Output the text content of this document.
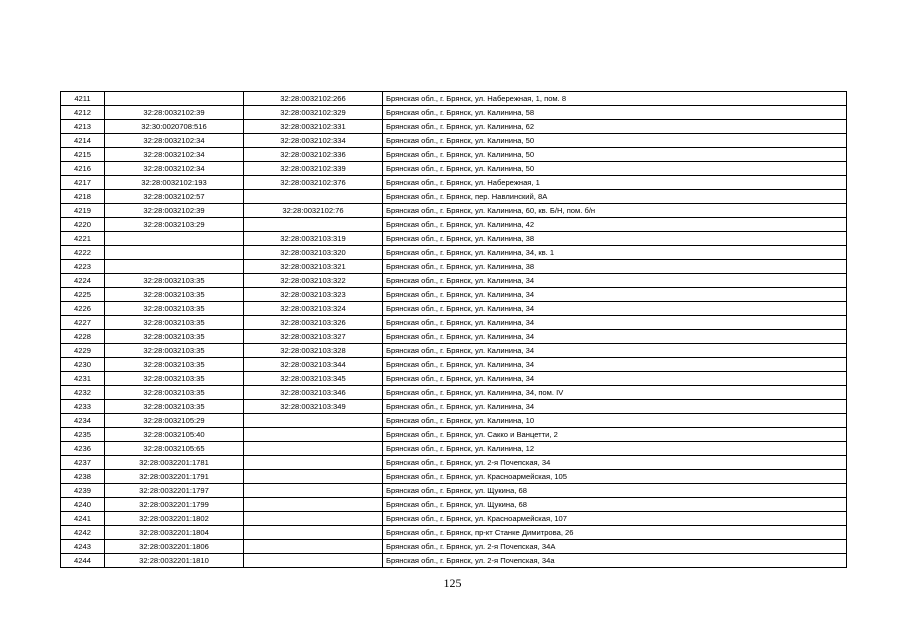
4211		32:28:0032102:266	Брянская обл., г. Брянск, ул. Набережная, 1, пом. 8
4212	32:28:0032102:39	32:28:0032102:329	Брянская обл., г. Брянск, ул. Калинина, 58
4213	32:30:0020708:516	32:28:0032102:331	Брянская обл., г. Брянск, ул. Калинина, 62
4214	32:28:0032102:34	32:28:0032102:334	Брянская обл., г. Брянск, ул. Калинина, 50
4215	32:28:0032102:34	32:28:0032102:336	Брянская обл., г. Брянск, ул. Калинина, 50
4216	32:28:0032102:34	32:28:0032102:339	Брянская обл., г. Брянск, ул. Калинина, 50
4217	32:28:0032102:193	32:28:0032102:376	Брянская обл., г. Брянск, ул. Набережная, 1
4218	32:28:0032102:57		Брянская обл., г. Брянск, пер. Навлинский, 8А
4219	32:28:0032102:39	32:28:0032102:76	Брянская обл., г. Брянск, ул. Калинина, 60, кв. Б/Н, пом. б/н
4220	32:28:0032103:29		Брянская обл., г. Брянск, ул. Калинина, 42
4221		32:28:0032103:319	Брянская обл., г. Брянск, ул. Калинина, 38
4222		32:28:0032103:320	Брянская обл., г. Брянск, ул. Калинина, 34, кв. 1
4223		32:28:0032103:321	Брянская обл., г. Брянск, ул. Калинина, 38
4224	32:28:0032103:35	32:28:0032103:322	Брянская обл., г. Брянск, ул. Калинина, 34
4225	32:28:0032103:35	32:28:0032103:323	Брянская обл., г. Брянск, ул. Калинина, 34
4226	32:28:0032103:35	32:28:0032103:324	Брянская обл., г. Брянск, ул. Калинина, 34
4227	32:28:0032103:35	32:28:0032103:326	Брянская обл., г. Брянск, ул. Калинина, 34
4228	32:28:0032103:35	32:28:0032103:327	Брянская обл., г. Брянск, ул. Калинина, 34
4229	32:28:0032103:35	32:28:0032103:328	Брянская обл., г. Брянск, ул. Калинина, 34
4230	32:28:0032103:35	32:28:0032103:344	Брянская обл., г. Брянск, ул. Калинина, 34
4231	32:28:0032103:35	32:28:0032103:345	Брянская обл., г. Брянск, ул. Калинина, 34
4232	32:28:0032103:35	32:28:0032103:346	Брянская обл., г. Брянск, ул. Калинина, 34, пом. IV
4233	32:28:0032103:35	32:28:0032103:349	Брянская обл., г. Брянск, ул. Калинина, 34
4234	32:28:0032105:29		Брянская обл., г. Брянск, ул. Калинина, 10
4235	32:28:0032105:40		Брянская обл., г. Брянск, ул. Сакко и Ванцетти, 2
4236	32:28:0032105:65		Брянская обл., г. Брянск, ул. Калинина, 12
4237	32:28:0032201:1781		Брянская обл., г. Брянск, ул. 2-я Почепская, 34
4238	32:28:0032201:1791		Брянская обл., г. Брянск, ул. Красноармейская, 105
4239	32:28:0032201:1797		Брянская обл., г. Брянск, ул. Щукина, 68
4240	32:28:0032201:1799		Брянская обл., г. Брянск, ул. Щукина, 68
4241	32:28:0032201:1802		Брянская обл., г. Брянск, ул. Красноармейская, 107
4242	32:28:0032201:1804		Брянская обл., г. Брянск, пр-кт Станке Димитрова, 26
4243	32:28:0032201:1806		Брянская обл., г. Брянск, ул. 2-я Почепская, 34А
4244	32:28:0032201:1810		Брянская обл., г. Брянск, ул. 2-я Почепская, 34а
125
